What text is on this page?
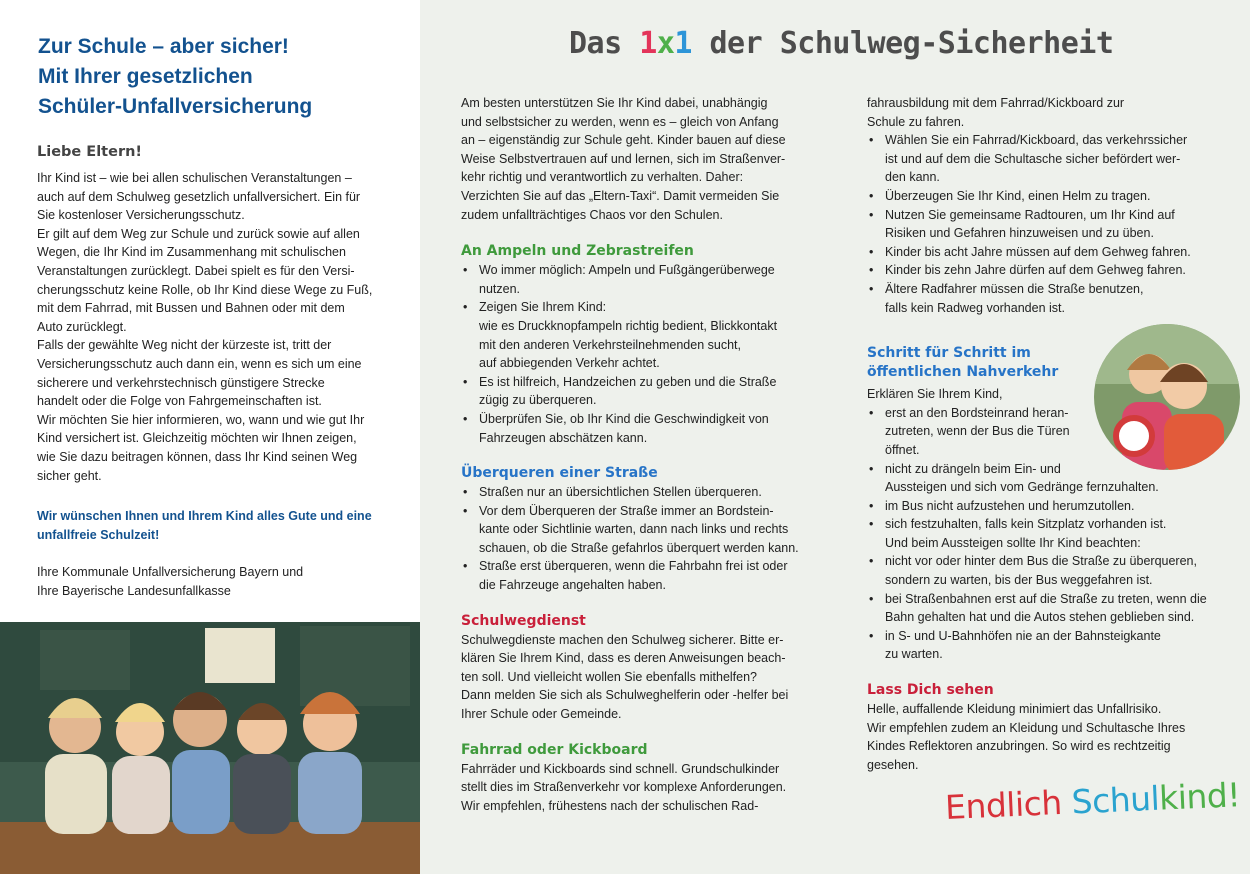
Zur Schule – aber sicher!
Mit Ihrer gesetzlichen
Schüler-Unfallversicherung
Liebe Eltern!
Ihr Kind ist – wie bei allen schulischen Veranstaltungen –
auch auf dem Schulweg gesetzlich unfallversichert. Ein für
Sie kostenloser Versicherungsschutz.
Er gilt auf dem Weg zur Schule und zurück sowie auf allen
Wegen, die Ihr Kind im Zusammenhang mit schulischen
Veranstaltungen zurücklegt. Dabei spielt es für den Versi-
cherungsschutz keine Rolle, ob Ihr Kind diese Wege zu Fuß,
mit dem Fahrrad, mit Bussen und Bahnen oder mit dem
Auto zurücklegt.
Falls der gewählte Weg nicht der kürzeste ist, tritt der
Versicherungsschutz auch dann ein, wenn es sich um eine
sicherere und verkehrstechnisch günstigere Strecke
handelt oder die Folge von Fahrgemeinschaften ist.
Wir möchten Sie hier informieren, wo, wann und wie gut Ihr
Kind versichert ist. Gleichzeitig möchten wir Ihnen zeigen,
wie Sie dazu beitragen können, dass Ihr Kind seinen Weg
sicher geht.
Wir wünschen Ihnen und Ihrem Kind alles Gute und eine
unfallfreie Schulzeit!
Ihre Kommunale Unfallversicherung Bayern und
Ihre Bayerische Landesunfallkasse
Das 1x1 der Schulweg-Sicherheit
Am besten unterstützen Sie Ihr Kind dabei, unabhängig
und selbstsicher zu werden, wenn es – gleich von Anfang
an – eigenständig zur Schule geht. Kinder bauen auf diese
Weise Selbstvertrauen auf und lernen, sich im Straßenver-
kehr richtig und verantwortlich zu verhalten. Daher:
Verzichten Sie auf das „Eltern-Taxi“. Damit vermeiden Sie
zudem unfallträchtiges Chaos vor den Schulen.
An Ampeln und Zebrastreifen
• Wo immer möglich: Ampeln und Fußgängerüberwege
nutzen.
• Zeigen Sie Ihrem Kind:
wie es Druckknopfampeln richtig bedient, Blickkontakt
mit den anderen Verkehrsteilnehmenden sucht,
auf abbiegenden Verkehr achtet.
• Es ist hilfreich, Handzeichen zu geben und die Straße
zügig zu überqueren.
• Überprüfen Sie, ob Ihr Kind die Geschwindigkeit von
Fahrzeugen abschätzen kann.
Überqueren einer Straße
• Straßen nur an übersichtlichen Stellen überqueren.
• Vor dem Überqueren der Straße immer an Bordstein-
kante oder Sichtlinie warten, dann nach links und rechts
schauen, ob die Straße gefahrlos überquert werden kann.
• Straße erst überqueren, wenn die Fahrbahn frei ist oder
die Fahrzeuge angehalten haben.
Schulwegdienst
Schulwegdienste machen den Schulweg sicherer. Bitte er-
klären Sie Ihrem Kind, dass es deren Anweisungen beach-
ten soll. Und vielleicht wollen Sie ebenfalls mithelfen?
Dann melden Sie sich als Schulweghelferin oder -helfer bei
Ihrer Schule oder Gemeinde.
Fahrrad oder Kickboard
Fahrräder und Kickboards sind schnell. Grundschulkinder
stellt dies im Straßenverkehr vor komplexe Anforderungen.
Wir empfehlen, frühestens nach der schulischen Rad-
fahrausbildung mit dem Fahrrad/Kickboard zur
Schule zu fahren.
• Wählen Sie ein Fahrrad/Kickboard, das verkehrssicher
ist und auf dem die Schultasche sicher befördert wer-
den kann.
• Überzeugen Sie Ihr Kind, einen Helm zu tragen.
• Nutzen Sie gemeinsame Radtouren, um Ihr Kind auf
Risiken und Gefahren hinzuweisen und zu üben.
• Kinder bis acht Jahre müssen auf dem Gehweg fahren.
• Kinder bis zehn Jahre dürfen auf dem Gehweg fahren.
• Ältere Radfahrer müssen die Straße benutzen,
falls kein Radweg vorhanden ist.
Schritt für Schritt im
öffentlichen Nahverkehr
Erklären Sie Ihrem Kind,
• erst an den Bordsteinrand heran-
zutreten, wenn der Bus die Türen
öffnet.
• nicht zu drängeln beim Ein- und
Aussteigen und sich vom Gedränge fernzuhalten.
• im Bus nicht aufzustehen und herumzutollen.
• sich festzuhalten, falls kein Sitzplatz vorhanden ist.
Und beim Aussteigen sollte Ihr Kind beachten:
• nicht vor oder hinter dem Bus die Straße zu überqueren,
sondern zu warten, bis der Bus weggefahren ist.
• bei Straßenbahnen erst auf die Straße zu treten, wenn die
Bahn gehalten hat und die Autos stehen geblieben sind.
• in S- und U-Bahnhöfen nie an der Bahnsteigkante
zu warten.
Lass Dich sehen
Helle, auffallende Kleidung minimiert das Unfallrisiko.
Wir empfehlen zudem an Kleidung und Schultasche Ihres
Kindes Reflektoren anzubringen. So wird es rechtzeitig
gesehen.
Endlich Schulkind!
